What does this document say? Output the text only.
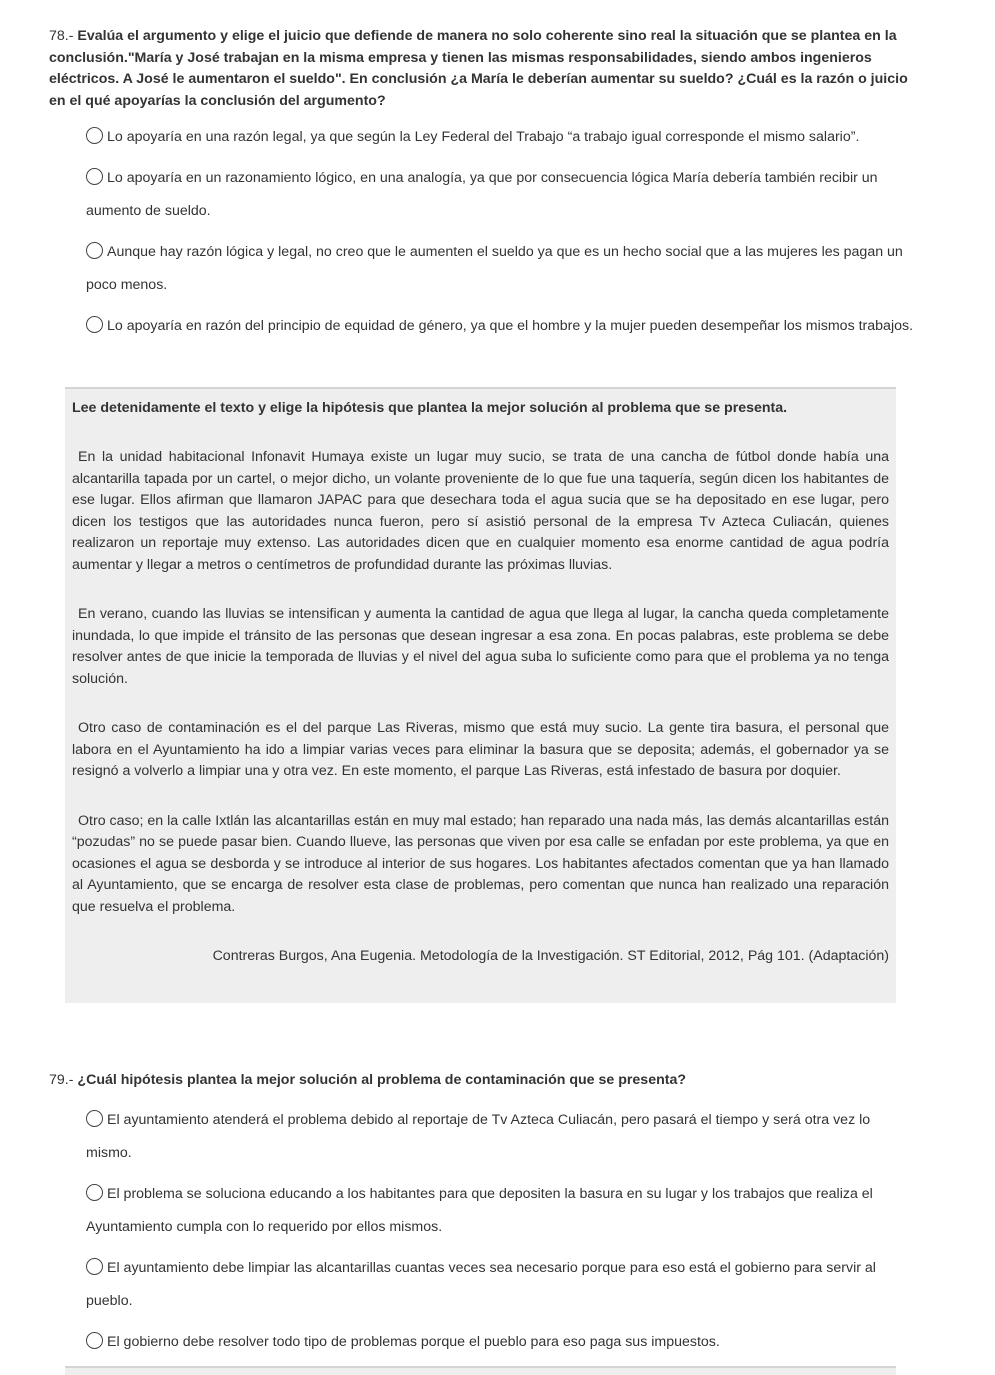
78.- Evalúa el argumento y elige el juicio que defiende de manera no solo coherente sino real la situación que se plantea en la conclusión."María y José trabajan en la misma empresa y tienen las mismas responsabilidades, siendo ambos ingenieros eléctricos. A José le aumentaron el sueldo". En conclusión ¿a María le deberían aumentar su sueldo? ¿Cuál es la razón o juicio en el qué apoyarías la conclusión del argumento?

Lo apoyaría en una razón legal, ya que según la Ley Federal del Trabajo “a trabajo igual corresponde el mismo salario”.
Lo apoyaría en un razonamiento lógico, en una analogía, ya que por consecuencia lógica María debería también recibir un aumento de sueldo.
Aunque hay razón lógica y legal, no creo que le aumenten el sueldo ya que es un hecho social que a las mujeres les pagan un poco menos.
Lo apoyaría en razón del principio de equidad de género, ya que el hombre y la mujer pueden desempeñar los mismos trabajos.

Lee detenidamente el texto y elige la hipótesis que plantea la mejor solución al problema que se presenta.

En la unidad habitacional Infonavit Humaya existe un lugar muy sucio, se trata de una cancha de fútbol donde había una alcantarilla tapada por un cartel, o mejor dicho, un volante proveniente de lo que fue una taquería, según dicen los habitantes de ese lugar. Ellos afirman que llamaron JAPAC para que desechara toda el agua sucia que se ha depositado en ese lugar, pero dicen los testigos que las autoridades nunca fueron, pero sí asistió personal de la empresa Tv Azteca Culiacán, quienes realizaron un reportaje muy extenso. Las autoridades dicen que en cualquier momento esa enorme cantidad de agua podría aumentar y llegar a metros o centímetros de profundidad durante las próximas lluvias.

En verano, cuando las lluvias se intensifican y aumenta la cantidad de agua que llega al lugar, la cancha queda completamente inundada, lo que impide el tránsito de las personas que desean ingresar a esa zona. En pocas palabras, este problema se debe resolver antes de que inicie la temporada de lluvias y el nivel del agua suba lo suficiente como para que el problema ya no tenga solución.

Otro caso de contaminación es el del parque Las Riveras, mismo que está muy sucio. La gente tira basura, el personal que labora en el Ayuntamiento ha ido a limpiar varias veces para eliminar la basura que se deposita; además, el gobernador ya se resignó a volverlo a limpiar una y otra vez. En este momento, el parque Las Riveras, está infestado de basura por doquier.

Otro caso; en la calle Ixtlán las alcantarillas están en muy mal estado; han reparado una nada más, las demás alcantarillas están “pozudas” no se puede pasar bien. Cuando llueve, las personas que viven por esa calle se enfadan por este problema, ya que en ocasiones el agua se desborda y se introduce al interior de sus hogares. Los habitantes afectados comentan que ya han llamado al Ayuntamiento, que se encarga de resolver esta clase de problemas, pero comentan que nunca han realizado una reparación que resuelva el problema.

Contreras Burgos, Ana Eugenia. Metodología de la Investigación. ST Editorial, 2012, Pág 101. (Adaptación)

79.- ¿Cuál hipótesis plantea la mejor solución al problema de contaminación que se presenta?

El ayuntamiento atenderá el problema debido al reportaje de Tv Azteca Culiacán, pero pasará el tiempo y será otra vez lo mismo.
El problema se soluciona educando a los habitantes para que depositen la basura en su lugar y los trabajos que realiza el Ayuntamiento cumpla con lo requerido por ellos mismos.
El ayuntamiento debe limpiar las alcantarillas cuantas veces sea necesario porque para eso está el gobierno para servir al pueblo.
El gobierno debe resolver todo tipo de problemas porque el pueblo para eso paga sus impuestos.
